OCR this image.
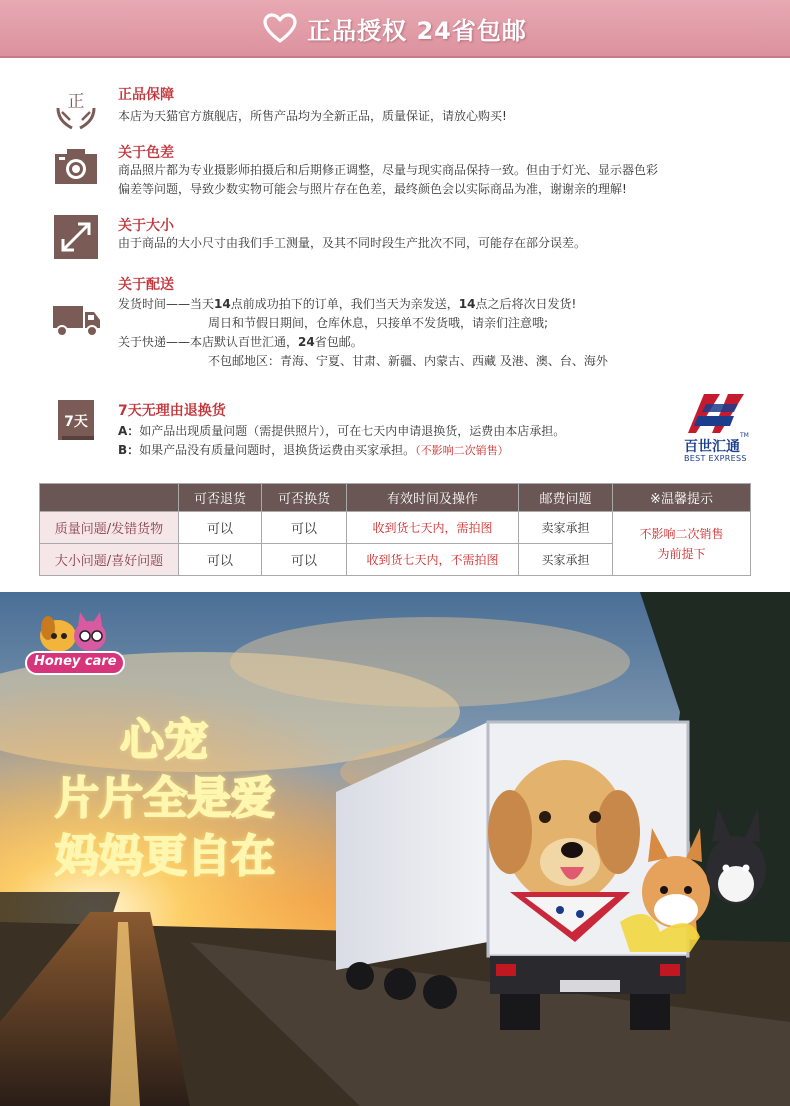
正品授权 24省包邮
正 正品保障
本店为天猫官方旗舰店，所售产品均为全新正品，质量保证，请放心购买!
关于色差
商品照片都为专业摄影师拍摄后和后期修正调整，尽量与现实商品保持一致。但由于灯光、显示器色彩
偏差等问题，导致少数实物可能会与照片存在色差，最终颜色会以实际商品为准，谢谢亲的理解!
关于大小
由于商品的大小尺寸由我们手工测量，及其不同时段生产批次不同，可能存在部分误差。
关于配送
发货时间——当天14点前成功拍下的订单，我们当天为亲发送，14点之后将次日发货!
周日和节假日期间，仓库休息，只接单不发货哦，请亲们注意哦;
关于快递——本店默认百世汇通，24省包邮。
不包邮地区：青海、宁夏、甘肃、新疆、内蒙古、西藏 及港、澳、台、海外
7天
7天无理由退换货
A：如产品出现质量问题（需提供照片），可在七天内申请退换货，运费由本店承担。
B：如果产品没有质量问题时，退换货运费由买家承担。（不影响二次销售）	百世汇通
TM
BEST EXPRESS
	可否退货	可否换货	有效时间及操作	邮费问题	※温馨提示
质量问题/发错货物	可以	可以	收到货七天内，需拍图	卖家承担	不影响二次销售
为前提下

大小问题/喜好问题	可以	可以	收到货七天内，不需拍图	买家承担	
Honey care
心宠
片片全是爱
妈妈更自在
